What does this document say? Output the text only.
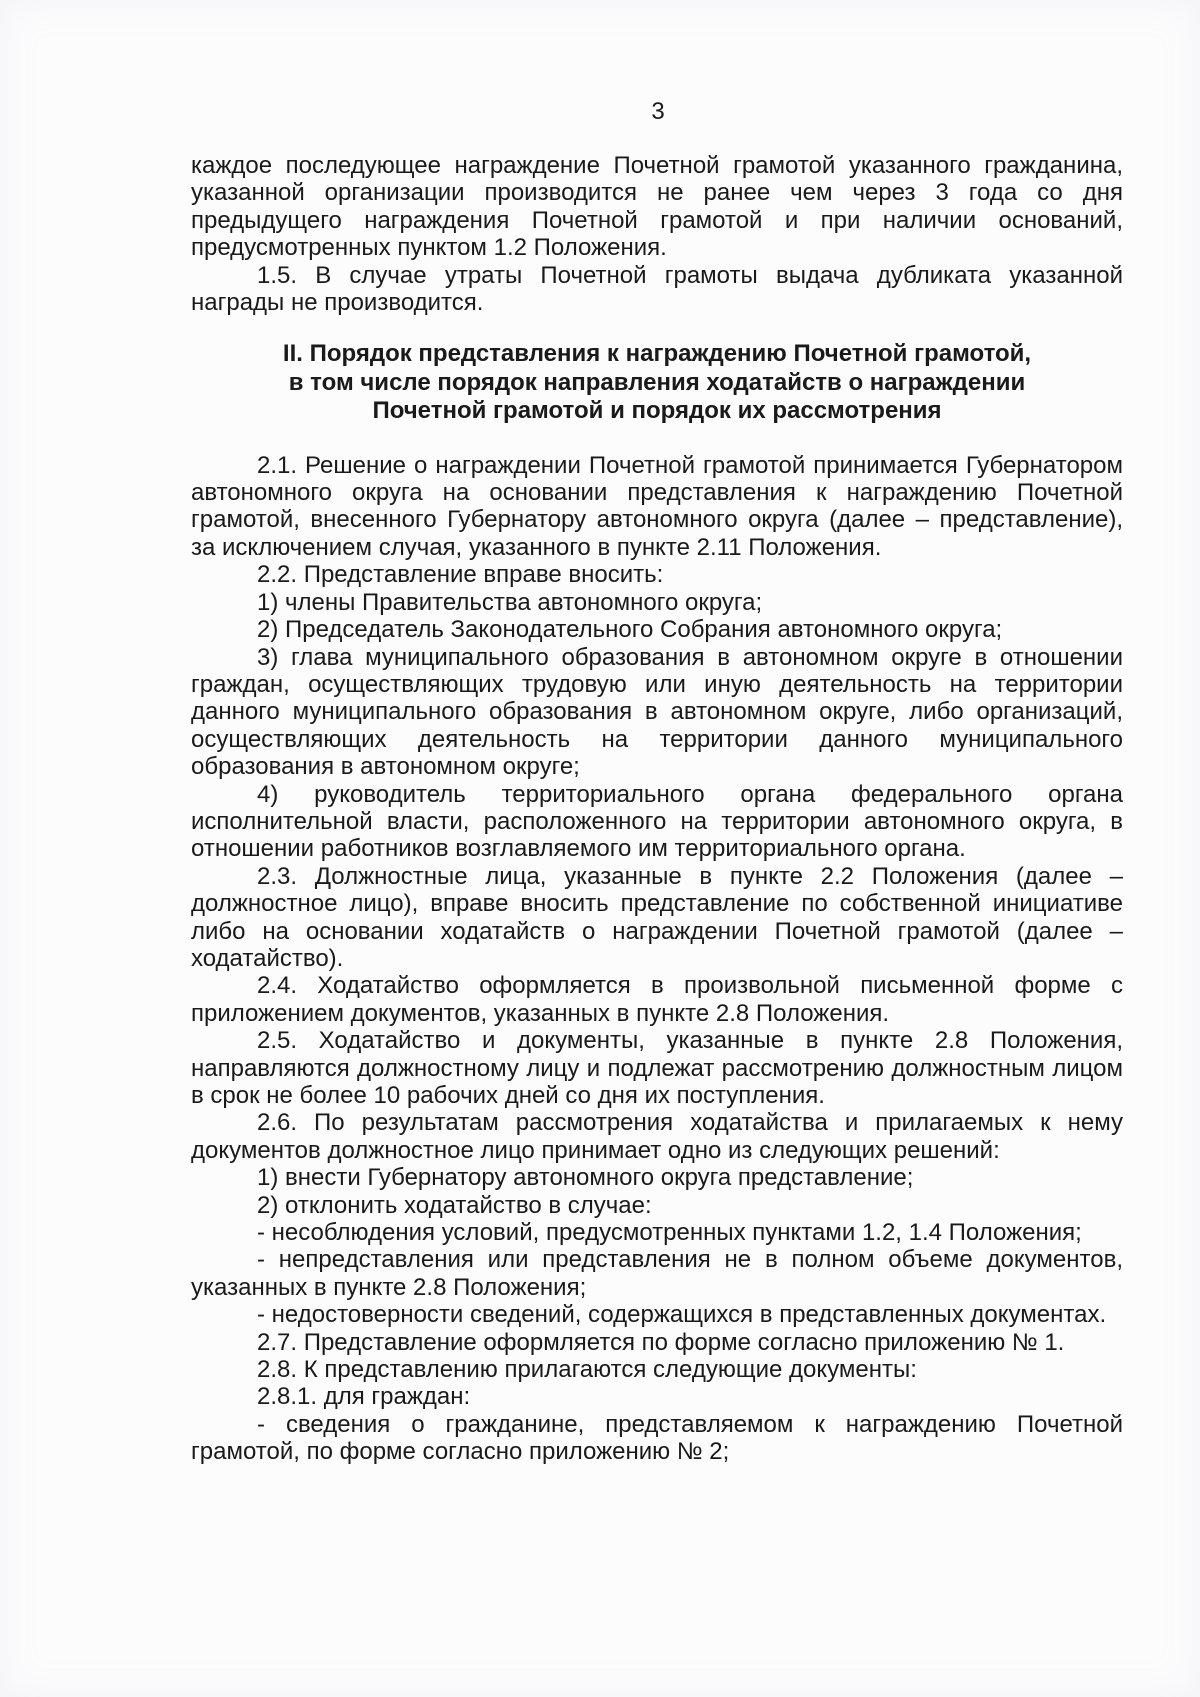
3

каждое последующее награждение Почетной грамотой указанного гражданина, указанной организации производится не ранее чем через 3 года со дня предыдущего награждения Почетной грамотой и при наличии оснований, предусмотренных пунктом 1.2 Положения.

1.5. В случае утраты Почетной грамоты выдача дубликата указанной награды не производится.

II. Порядок представления к награждению Почетной грамотой,
в том числе порядок направления ходатайств о награждении
Почетной грамотой и порядок их рассмотрения

2.1. Решение о награждении Почетной грамотой принимается Губернатором автономного округа на основании представления к награждению Почетной грамотой, внесенного Губернатору автономного округа (далее – представление), за исключением случая, указанного в пункте 2.11 Положения.

2.2. Представление вправе вносить:

1) члены Правительства автономного округа;

2) Председатель Законодательного Собрания автономного округа;

3) глава муниципального образования в автономном округе в отношении граждан, осуществляющих трудовую или иную деятельность на территории данного муниципального образования в автономном округе, либо организаций, осуществляющих деятельность на территории данного муниципального образования в автономном округе;

4) руководитель территориального органа федерального органа исполнительной власти, расположенного на территории автономного округа, в отношении работников возглавляемого им территориального органа.

2.3. Должностные лица, указанные в пункте 2.2 Положения (далее – должностное лицо), вправе вносить представление по собственной инициативе либо на основании ходатайств о награждении Почетной грамотой (далее – ходатайство).

2.4. Ходатайство оформляется в произвольной письменной форме с приложением документов, указанных в пункте 2.8 Положения.

2.5. Ходатайство и документы, указанные в пункте 2.8 Положения, направляются должностному лицу и подлежат рассмотрению должностным лицом в срок не более 10 рабочих дней со дня их поступления.

2.6. По результатам рассмотрения ходатайства и прилагаемых к нему документов должностное лицо принимает одно из следующих решений:

1) внести Губернатору автономного округа представление;

2) отклонить ходатайство в случае:

- несоблюдения условий, предусмотренных пунктами 1.2, 1.4 Положения;

- непредставления или представления не в полном объеме документов, указанных в пункте 2.8 Положения;

- недостоверности сведений, содержащихся в представленных документах.

2.7. Представление оформляется по форме согласно приложению № 1.

2.8. К представлению прилагаются следующие документы:

2.8.1. для граждан:

- сведения о гражданине, представляемом к награждению Почетной грамотой, по форме согласно приложению № 2;
